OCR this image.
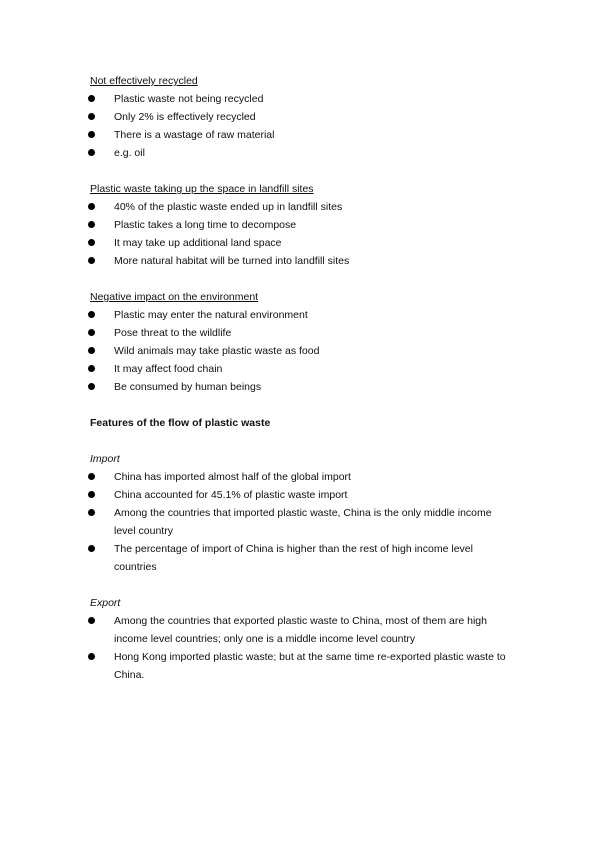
Not effectively recycled

Plastic waste not being recycled
Only 2% is effectively recycled
There is a wastage of raw material
e.g. oil

Plastic waste taking up the space in landfill sites

40% of the plastic waste ended up in landfill sites
Plastic takes a long time to decompose
It may take up additional land space
More natural habitat will be turned into landfill sites

Negative impact on the environment

Plastic may enter the natural environment
Pose threat to the wildlife
Wild animals may take plastic waste as food
It may affect food chain
Be consumed by human beings

Features of the flow of plastic waste

Import

China has imported almost half of the global import
China accounted for 45.1% of plastic waste import
Among the countries that imported plastic waste, China is the only middle income level country
The percentage of import of China is higher than the rest of high income level countries

Export

Among the countries that exported plastic waste to China, most of them are high income level countries; only one is a middle income level country
Hong Kong imported plastic waste; but at the same time re-exported plastic waste to China.
